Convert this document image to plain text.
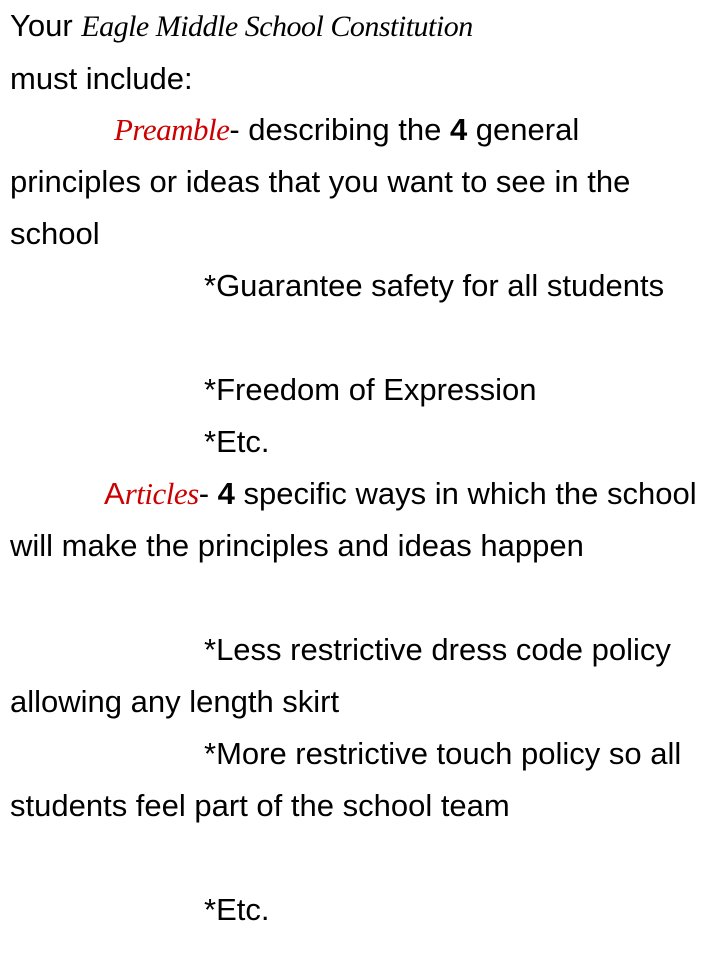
Your Eagle Middle School Constitution
must include:

Preamble- describing the 4 general principles or ideas that you want to see in the school

*Guarantee safety for all students

*Freedom of Expression

*Etc.

Articles- 4 specific ways in which the school will make the principles and ideas happen

*Less restrictive dress code policy allowing any length skirt

*More restrictive touch policy so all students feel part of the school team

*Etc.
